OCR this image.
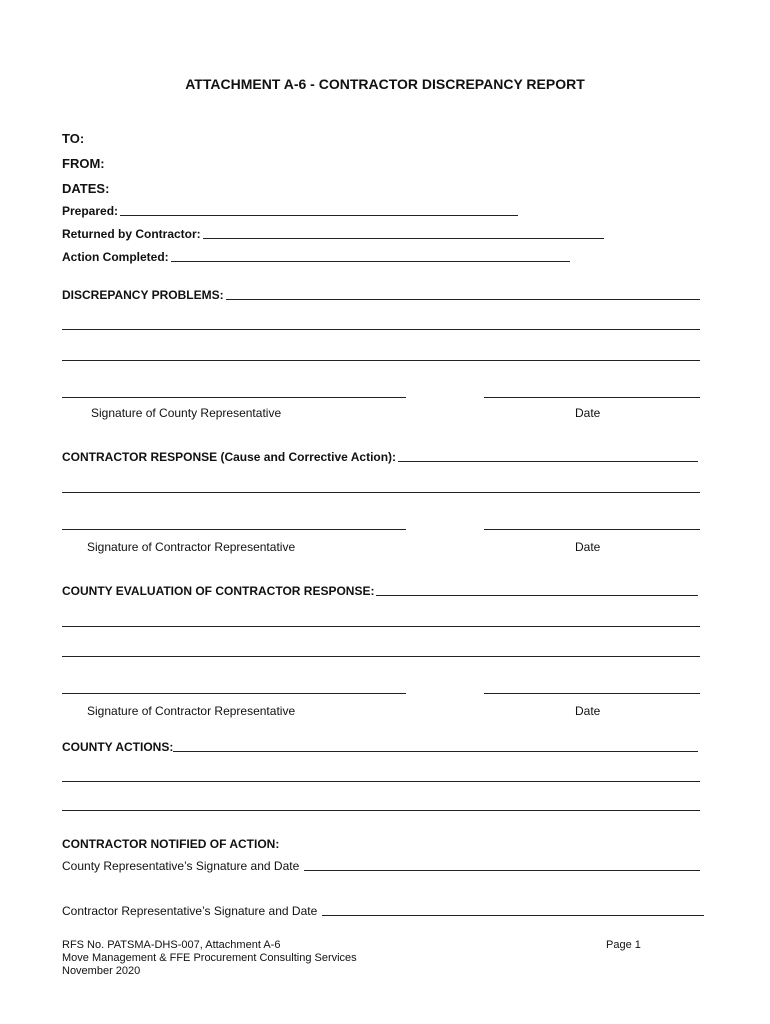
ATTACHMENT A-6 - CONTRACTOR DISCREPANCY REPORT
TO:
FROM:
DATES:
Prepared:
Returned by Contractor:
Action Completed:
DISCREPANCY PROBLEMS:
Signature of County Representative	Date
CONTRACTOR RESPONSE (Cause and Corrective Action):
Signature of Contractor Representative	Date
COUNTY EVALUATION OF CONTRACTOR RESPONSE:
Signature of Contractor Representative	Date
COUNTY ACTIONS:
CONTRACTOR NOTIFIED OF ACTION:
County Representative’s Signature and Date
Contractor Representative’s Signature and Date
RFS No. PATSMA-DHS-007, Attachment A-6
Move Management & FFE Procurement Consulting Services
November 2020
Page 1
